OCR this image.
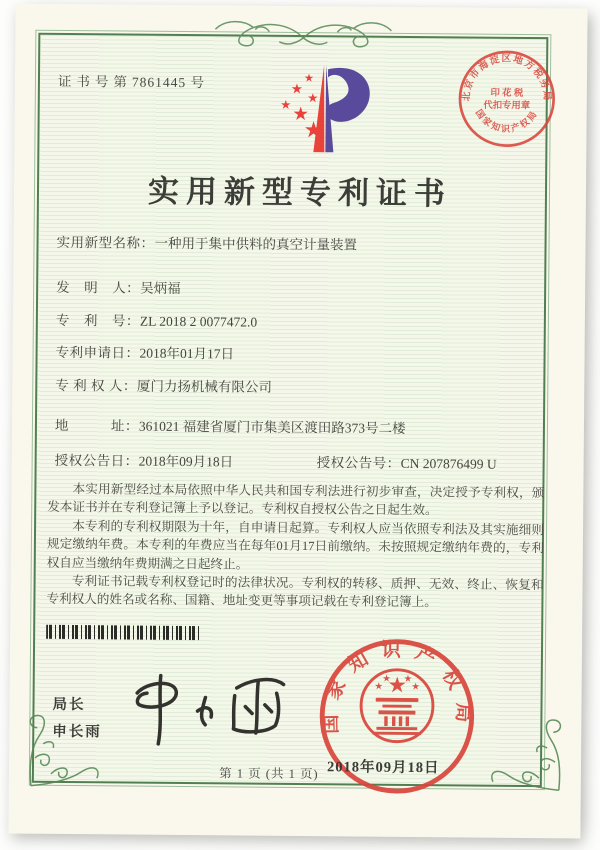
证书号第7861445 号
北京市海淀区地方税务局
印 花 税
代扣专用章
国家知识产权局
实用新型专利证书
实用新型名称：一种用于集中供料的真空计量装置
发　明　人：吴炳福
专　利　号：ZL 2018 2 0077472.0
专利申请日：2018年01月17日
专 利 权 人：厦门力扬机械有限公司
地　　　址：361021 福建省厦门市集美区渡田路373号二楼
授权公告日：2018年09月18日	授权公告号：CN 207876499 U

本实用新型经过本局依照中华人民共和国专利法进行初步审查，决定授予专利权，颁发本证书并在专利登记簿上予以登记。专利权自授权公告之日起生效。

本专利的专利权期限为十年，自申请日起算。专利权人应当依照专利法及其实施细则规定缴纳年费。本专利的年费应当在每年01月17日前缴纳。未按照规定缴纳年费的，专利权自应当缴纳年费期满之日起终止。

专利证书记载专利权登记时的法律状况。专利权的转移、质押、无效、终止、恢复和专利权人的姓名或名称、国籍、地址变更等事项记载在专利登记簿上。

局长
申长雨	国家知识产权局
2018年09月18日
第 1 页 (共 1 页)
